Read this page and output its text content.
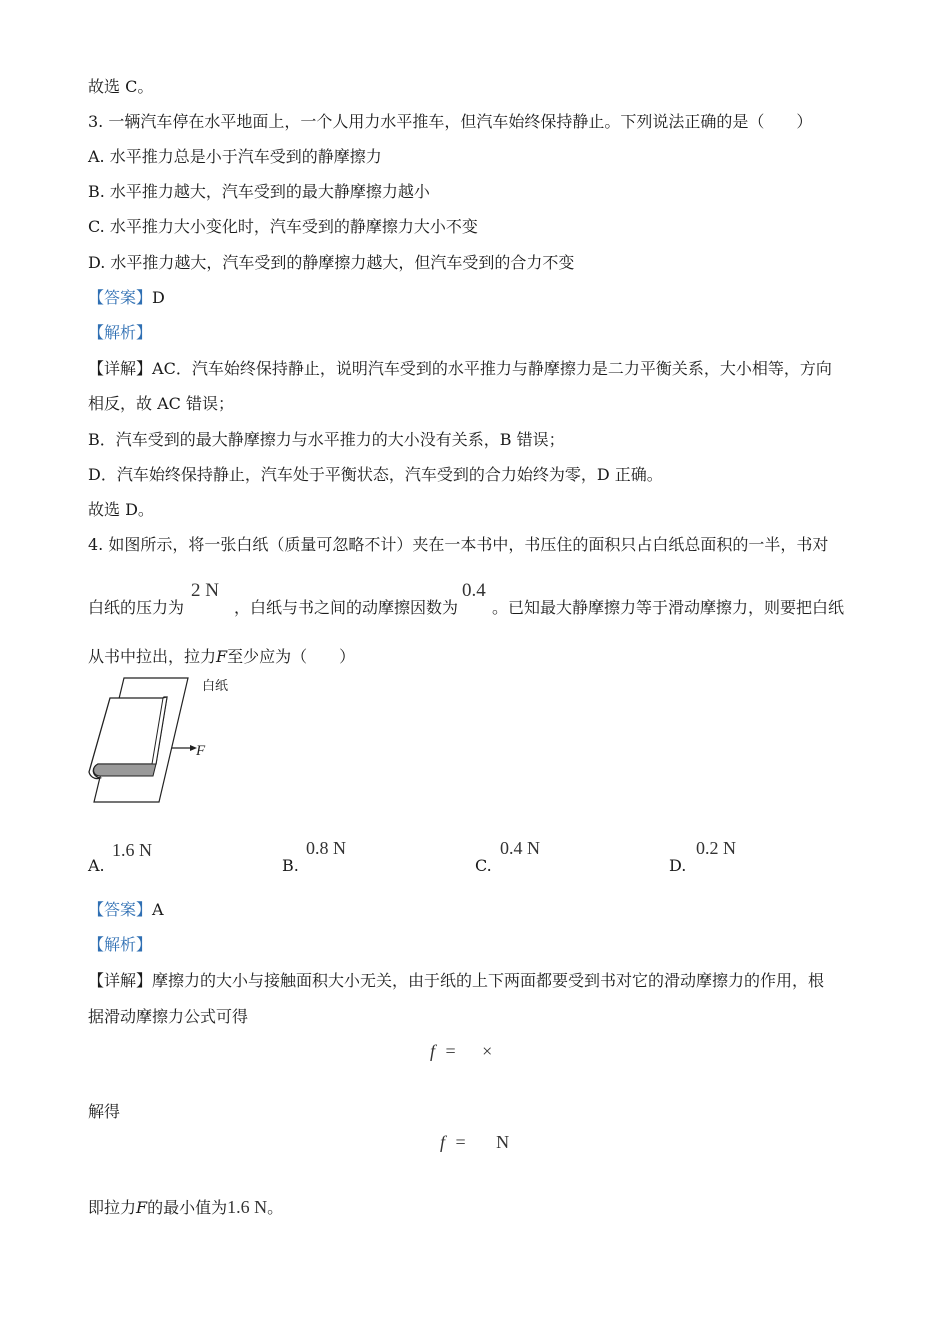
故选 C。
3. 一辆汽车停在水平地面上，一个人用力水平推车，但汽车始终保持静止。下列说法正确的是（　　）
A. 水平推力总是小于汽车受到的静摩擦力
B. 水平推力越大，汽车受到的最大静摩擦力越小
C. 水平推力大小变化时，汽车受到的静摩擦力大小不变
D. 水平推力越大，汽车受到的静摩擦力越大，但汽车受到的合力不变
【答案】D
【解析】
【详解】AC．汽车始终保持静止，说明汽车受到的水平推力与静摩擦力是二力平衡关系，大小相等，方向
相反，故 AC 错误；
B．汽车受到的最大静摩擦力与水平推力的大小没有关系，B 错误；
D．汽车始终保持静止，汽车处于平衡状态，汽车受到的合力始终为零，D 正确。
故选 D。
4. 如图所示，将一张白纸（质量可忽略不计）夹在一本书中，书压住的面积只占白纸总面积的一半，书对
白纸的压力为
2 N
，白纸与书之间的动摩擦因数为
0.4
。已知最大静摩擦力等于滑动摩擦力，则要把白纸
从书中拉出，拉力F至少应为（　　）
F
白纸
A.
1.6 N
B.
0.8 N
C.
0.4 N
D.
0.2 N
【答案】A
【解析】
【详解】摩擦力的大小与接触面积大小无关，由于纸的上下两面都要受到书对它的滑动摩擦力的作用，根
据滑动摩擦力公式可得
f = ×
解得
f = N
即拉力F的最小值为1.6 N。
